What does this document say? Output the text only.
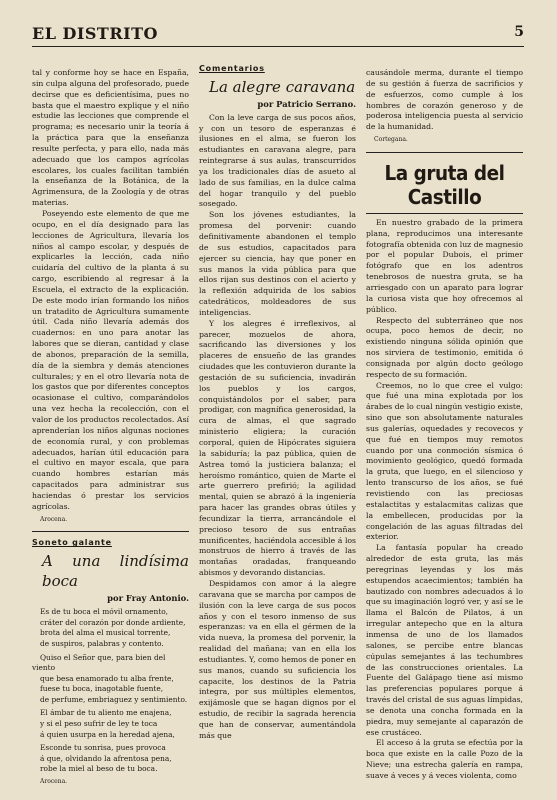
EL DISTRITO	5

tal y conforme hoy se hace en España, sin culpa alguna del profesorado, puede decirse que es deficientísima, pues no basta que el maestro explique y el niño estudie las lecciones que comprende el programa; es necesario unir la teoría á la práctica para que la enseñanza resulte perfecta, y para ello, nada más adecuado que los campos agrícolas escolares, los cuales facilitan también la enseñanza de la Botánica, de la Agrimensura, de la Zoología y de otras materias.

Poseyendo este elemento de que me ocupo, en el día designado para las lecciones de Agricultura, llevaría los niños al campo escolar, y después de explicarles la lección, cada niño cuidaría del cultivo de la planta á su cargo, escribiendo al regresar á la Escuela, el extracto de la explicación. De este modo irían formando los niños un tratadito de Agricultura sumamente útil. Cada niño llevaría además dos cuadernos: en uno para anotar las labores que se dieran, cantidad y clase de abonos, preparación de la semilla, día de la siembra y demás atenciones culturales; y en el otro llevaría nota de los gastos que por diferentes conceptos ocasionase el cultivo, comparándolos una vez hecha la recolección, con el valor de los productos recolectados. Así aprenderían los niños algunas nociones de economía rural, y con problemas adecuados, harían útil educación para el cultivo en mayor escala, que para cuando hombres estarían más capacitados para administrar sus haciendas ó prestar los servicios agrícolas.

Arocena.

Soneto galante

A una lindísima boca

por Fray Antonio.

Es de tu boca el móvil ornamento,
cráter del corazón por donde ardiente,
brota del alma el musical torrente,
de suspiros, palabras y contento.
Quiso el Señor que, para bien del viento
que besa enamorado tu alba frente,
fuese tu boca, inagotable fuente,
de perfume, embriaguez y sentimiento.
El ámbar de tu aliento me enajena,
y si el peso sufrir de ley te toca
á quien usurpa en la heredad ajena,
Esconde tu sonrisa, pues provoca
á que, olvidando la afrentosa pena,
robe la miel al beso de tu boca.

Arocena.

Comentarios

La alegre caravana

por Patricio Serrano.

Con la leve carga de sus pocos años, y con un tesoro de esperanzas é ilusiones en el alma, se fueron los estudiantes en caravana alegre, para reintegrarse á sus aulas, transcurridos ya los tradicionales días de asueto al lado de sus familias, en la dulce calma del hogar tranquilo y del pueblo sosegado.

Son los jóvenes estudiantes, la promesa del porvenir: cuando definitivamente abandonen el templo de sus estudios, capacitados para ejercer su ciencia, hay que poner en sus manos la vida pública para que ellos rijan sus destinos con el acierto y la reflexión adquirida de los sabios catedráticos, moldeadores de sus inteligencias.

Y los alegres é irreflexivos, al parecer, mozuelos de ahora, sacrificando las diversiones y los placeres de ensueño de las grandes ciudades que les contuvieron durante la gestación de su suficiencia, invadirán los pueblos y los cargos, conquistándolos por el saber, para prodigar, con magnífica generosidad, la cura de almas, el que sagrado ministerio eligiera; la curación corporal, quien de Hipócrates siguiera la sabiduría; la paz pública, quien de Astrea tomó la justiciera balanza; el heroísmo romántico, quien de Marte el arte guerrero prefirió; la agilidad mental, quien se abrazó á la ingeniería para hacer las grandes obras útiles y fecundizar la tierra, arrancándole el precioso tesoro de sus entrañas munificentes, haciéndola accesible á los monstruos de hierro á través de las montañas oradadas, franqueando abismos y devorando distancias.

Despidamos con amor á la alegre caravana que se marcha por campos de ilusión con la leve carga de sus pocos años y con el tesoro inmenso de sus esperanzas: va en ella el gérmen de la vida nueva, la promesa del porvenir, la realidad del mañana; van en ella los estudiantes. Y, como hemos de poner en sus manos, cuando su suficiencia los capacite, los destinos de la Patria integra, por sus múltiples elementos, exijámosle que se hagan dignos por el estudio, de recibir la sagrada herencia que han de conservar, aumentándola más que

causándole merma, durante el tiempo de su gestión á fuerza de sacrificios y de esfuerzos, como cumple á los hombres de corazón generoso y de poderosa inteligencia puesta al servicio de la humanidad.

Cortegana.

La gruta del Castillo

En nuestro grabado de la primera plana, reproducimos una interesante fotografía obtenida con luz de magnesio por el popular Dubois, el primer fotógrafo que en los adentros tenebrosos de nuestra gruta, se ha arriesgado con un aparato para lograr la curiosa vista que hoy ofrecemos al público.

Respecto del subterráneo que nos ocupa, poco hemos de decir, no existiendo ninguna sólida opinión que nos sirviera de testimonio, emitida ó consignada por algún docto geólogo respecto de su formación.

Creemos, no lo que cree el vulgo: que fué una mina explotada por los árabes de lo cual ningún vestigio existe, sino que son absolutamente naturales sus galerías, oquedades y recovecos y que fué en tiempos muy remotos cuando por una conmoción sísmica ó movimiento geológico, quedó formada la gruta, que luego, en el silencioso y lento transcurso de los años, se fué revistiendo con las preciosas estalactitas y estalacmitas calizas que la embellecen, producidas por la congelación de las aguas filtradas del exterior.

La fantasía popular ha creado alrededor de esta gruta, las más peregrinas leyendas y los más estupendos acaecimientos; también ha bautizado con nombres adecuados á lo que su imaginación logró ver, y así se le llama el Balcón de Pilatos, á un irregular antepecho que en la altura inmensa de uno de los llamados salones, se percibe entre blancas cúpulas semejantes á las techumbres de las construcciones orientales. La Fuente del Galápago tiene así mismo las preferencias populares porque á través del cristal de sus aguas límpidas, se denota una concha formada en la piedra, muy semejante al caparazón de ese crustáceo.

El acceso á la gruta se efectúa por la boca que existe en la calle Pozo de la Nieve; una estrecha galería en rampa, suave á veces y á veces violenta, como
